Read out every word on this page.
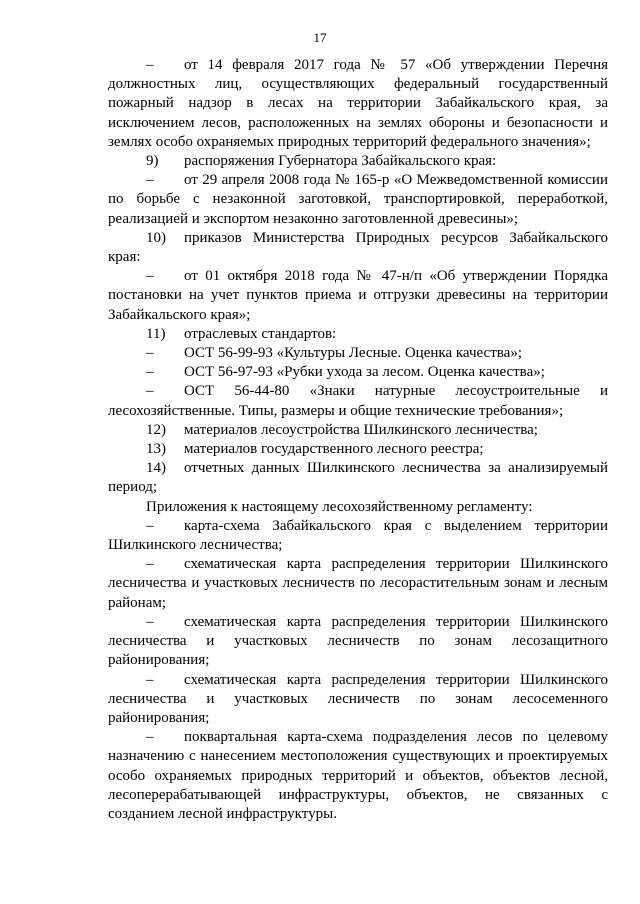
17

– от 14 февраля 2017 года № 57 «Об утверждении Перечня должностных лиц, осуществляющих федеральный государственный пожарный надзор в лесах на территории Забайкальского края, за исключением лесов, расположенных на землях обороны и безопасности и землях особо охраняемых природных территорий федерального значения»;

9) распоряжения Губернатора Забайкальского края:

– от 29 апреля 2008 года № 165-р «О Межведомственной комиссии по борьбе с незаконной заготовкой, транспортировкой, переработкой, реализацией и экспортом незаконно заготовленной древесины»;

10) приказов Министерства Природных ресурсов Забайкальского края:

– от 01 октября 2018 года № 47-н/п «Об утверждении Порядка постановки на учет пунктов приема и отгрузки древесины на территории Забайкальского края»;

11) отраслевых стандартов:

– ОСТ 56-99-93 «Культуры Лесные. Оценка качества»;

– ОСТ 56-97-93 «Рубки ухода за лесом. Оценка качества»;

– ОСТ 56-44-80 «Знаки натурные лесоустроительные и лесохозяйственные. Типы, размеры и общие технические требования»;

12) материалов лесоустройства Шилкинского лесничества;

13) материалов государственного лесного реестра;

14) отчетных данных Шилкинского лесничества за анализируемый период;

Приложения к настоящему лесохозяйственному регламенту:

– карта-схема Забайкальского края с выделением территории Шилкинского лесничества;

– схематическая карта распределения территории Шилкинского лесничества и участковых лесничеств по лесорастительным зонам и лесным районам;

– схематическая карта распределения территории Шилкинского лесничества и участковых лесничеств по зонам лесозащитного районирования;

– схематическая карта распределения территории Шилкинского лесничества и участковых лесничеств по зонам лесосеменного районирования;

– поквартальная карта-схема подразделения лесов по целевому назначению с нанесением местоположения существующих и проектируемых особо охраняемых природных территорий и объектов, объектов лесной, лесоперерабатывающей инфраструктуры, объектов, не связанных с созданием лесной инфраструктуры.
